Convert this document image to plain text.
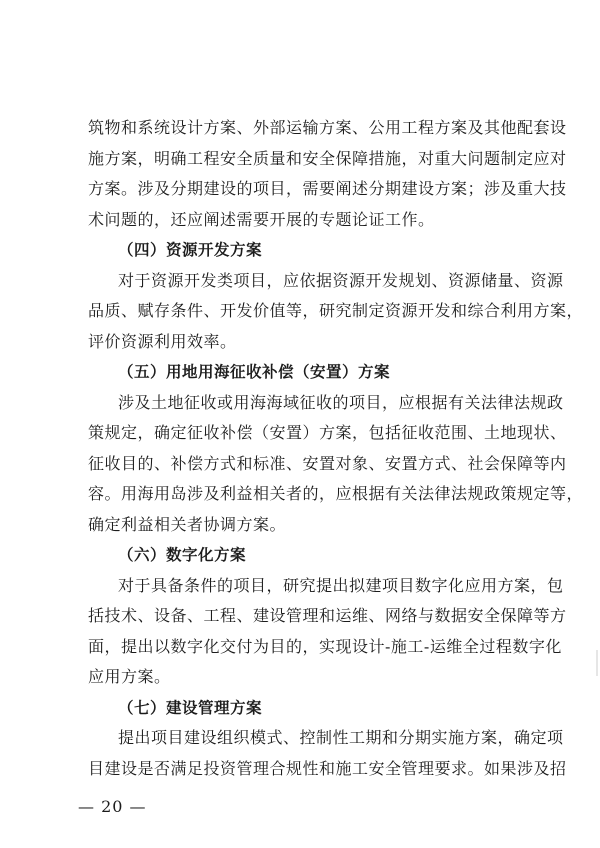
筑物和系统设计方案、外部运输方案、公用工程方案及其他配套设
施方案，明确工程安全质量和安全保障措施，对重大问题制定应对
方案。涉及分期建设的项目，需要阐述分期建设方案；涉及重大技
术问题的，还应阐述需要开展的专题论证工作。
（四）资源开发方案
对于资源开发类项目，应依据资源开发规划、资源储量、资源
品质、赋存条件、开发价值等，研究制定资源开发和综合利用方案，
评价资源利用效率。
（五）用地用海征收补偿（安置）方案
涉及土地征收或用海海域征收的项目，应根据有关法律法规政
策规定，确定征收补偿（安置）方案，包括征收范围、土地现状、
征收目的、补偿方式和标准、安置对象、安置方式、社会保障等内
容。用海用岛涉及利益相关者的，应根据有关法律法规政策规定等，
确定利益相关者协调方案。
（六）数字化方案
对于具备条件的项目，研究提出拟建项目数字化应用方案，包
括技术、设备、工程、建设管理和运维、网络与数据安全保障等方
面，提出以数字化交付为目的，实现设计-施工-运维全过程数字化
应用方案。
（七）建设管理方案
提出项目建设组织模式、控制性工期和分期实施方案，确定项
目建设是否满足投资管理合规性和施工安全管理要求。如果涉及招
— 20 —
